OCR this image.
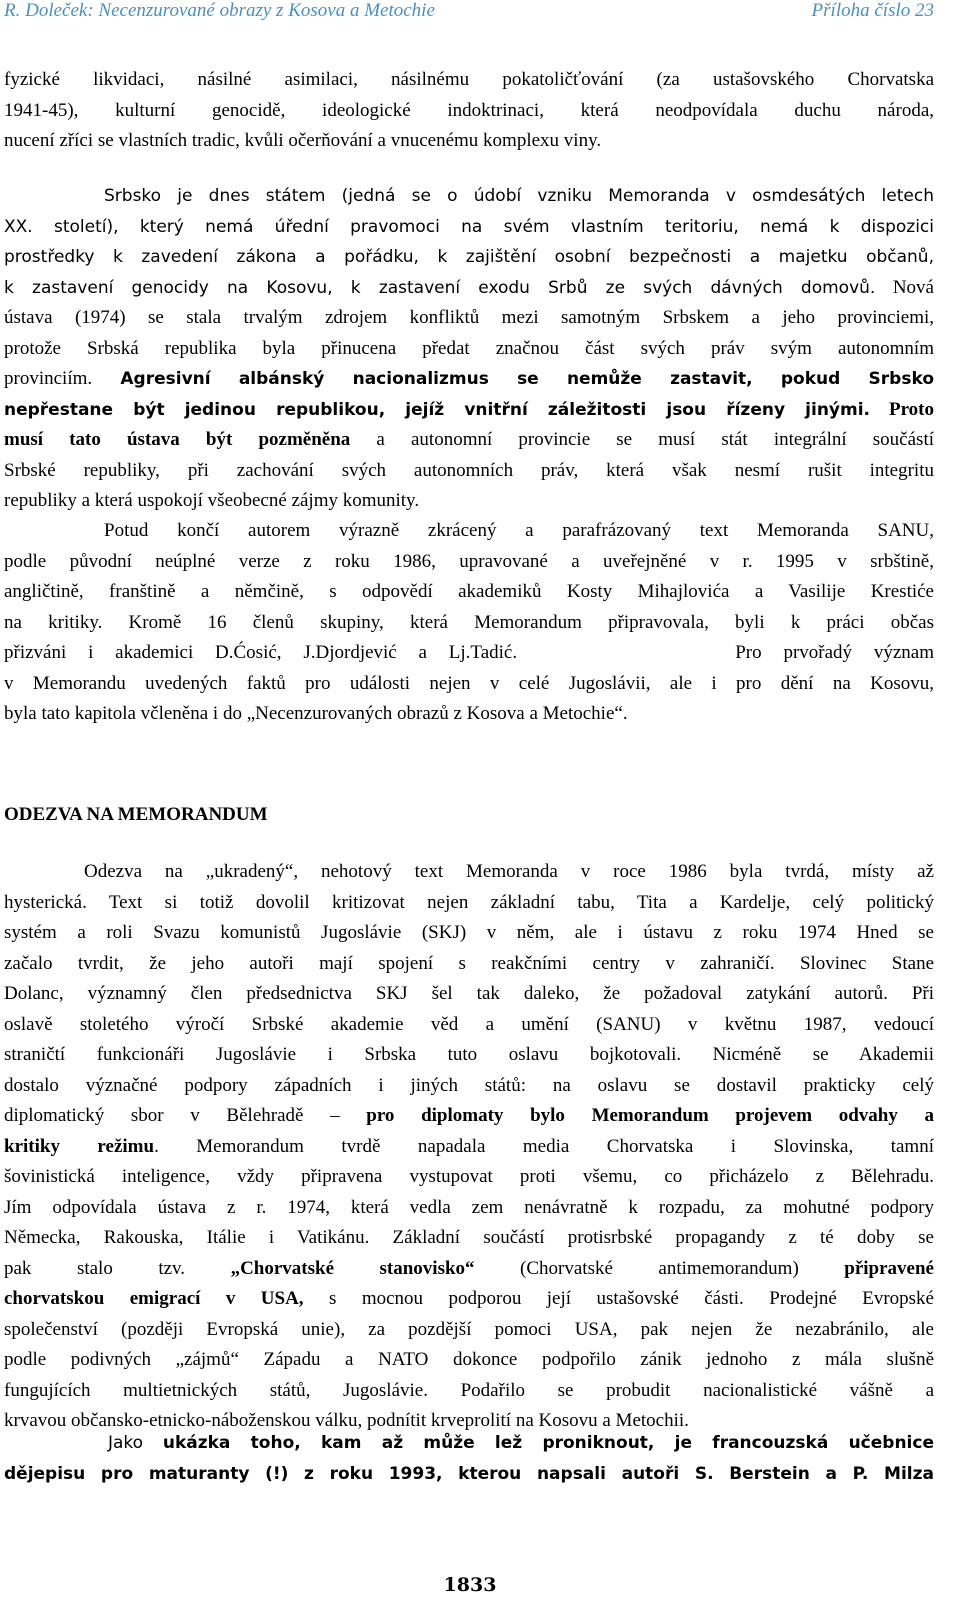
R. Doleček: Necenzurované obrazy z Kosova a Metochie	Příloha číslo 23
fyzické likvidaci, násilné asimilaci, násilnému pokatoličťování (za ustašovského Chorvatska
1941-45), kulturní genocidě, ideologické indoktrinaci, která neodpovídala duchu národa,
nucení zříci se vlastních tradic, kvůli očerňování a vnucenému komplexu viny.
Srbsko je dnes státem (jedná se o údobí vzniku Memoranda v osmdesátých letech
XX. století), který nemá úřední pravomoci na svém vlastním teritoriu, nemá k dispozici
prostředky k zavedení zákona a pořádku, k zajištění osobní bezpečnosti a majetku občanů,
k zastavení genocidy na Kosovu, k zastavení exodu Srbů ze svých dávných domovů. Nová
ústava (1974) se stala trvalým zdrojem konfliktů mezi samotným Srbskem a jeho provinciemi,
protože Srbská republika byla přinucena předat značnou část svých práv svým autonomním
provinciím. Agresivní albánský nacionalizmus se nemůže zastavit, pokud Srbsko
nepřestane být jedinou republikou, jejíž vnitřní záležitosti jsou řízeny jinými. Proto
musí tato ústava být pozměněna a autonomní provincie se musí stát integrální součástí
Srbské republiky, při zachování svých autonomních práv, která však nesmí rušit integritu
republiky a která uspokojí všeobecné zájmy komunity.
Potud končí autorem výrazně zkrácený a parafrázovaný text Memoranda SANU,
podle původní neúplné verze z roku 1986, upravované a uveřejněné v r. 1995 v srbštině,
angličtině, franštině a němčině, s odpovědí akademiků Kosty Mihajlovića a Vasilije Krestiće
na kritiky. Kromě 16 členů skupiny, která Memorandum připravovala, byli k práci občas
přizváni i akademici D.Ćosić, J.Djordjević a Lj.Tadić.          Pro prvořadý význam
v Memorandu uvedených faktů pro události nejen v celé Jugoslávii, ale i pro dění na Kosovu,
byla tato kapitola včleněna i do „Necenzurovaných obrazů z Kosova a Metochie“.
ODEZVA NA MEMORANDUM
Odezva na „ukradený“, nehotový text Memoranda v roce 1986 byla tvrdá, místy až
hysterická. Text si totiž dovolil kritizovat nejen základní tabu, Tita a Kardelje, celý politický
systém a roli Svazu komunistů Jugoslávie (SKJ) v něm, ale i ústavu z roku 1974 Hned se
začalo tvrdit, že jeho autoři mají spojení s reakčními centry v zahraničí. Slovinec Stane
Dolanc, významný člen předsednictva SKJ šel tak daleko, že požadoval zatykání autorů. Při
oslavě stoletého výročí Srbské akademie věd a umění (SANU) v květnu 1987, vedoucí
straničtí funkcionáři Jugoslávie i Srbska tuto oslavu bojkotovali. Nicméně se Akademii
dostalo význačné podpory západních i jiných států: na oslavu se dostavil prakticky celý
diplomatický sbor v Bělehradě – pro diplomaty bylo Memorandum projevem odvahy a
kritiky režimu. Memorandum tvrdě napadala media Chorvatska i Slovinska, tamní
šovinistická inteligence, vždy připravena vystupovat proti všemu, co přicházelo z Bělehradu.
Jím odpovídala ústava z r. 1974, která vedla zem nenávratně k rozpadu, za mohutné podpory
Německa, Rakouska, Itálie i Vatikánu. Základní součástí protisrbské propagandy z té doby se
pak stalo tzv. „Chorvatské stanovisko“ (Chorvatské antimemorandum) připravené
chorvatskou emigrací v USA, s mocnou podporou její ustašovské části. Prodejné Evropské
společenství (později Evropská unie), za pozdější pomoci USA, pak nejen že nezabránilo, ale
podle podivných „zájmů“ Západu a NATO dokonce podpořilo zánik jednoho z mála slušně
fungujících multietnických států, Jugoslávie. Podařilo se probudit nacionalistické vášně a
krvavou občansko-etnicko-náboženskou válku, podnítit krveprolití na Kosovu a Metochii.
Jako ukázka toho, kam až může lež proniknout, je francouzská učebnice
dějepisu pro maturanty (!) z roku 1993, kterou napsali autoři S. Berstein a P. Milza
1833
